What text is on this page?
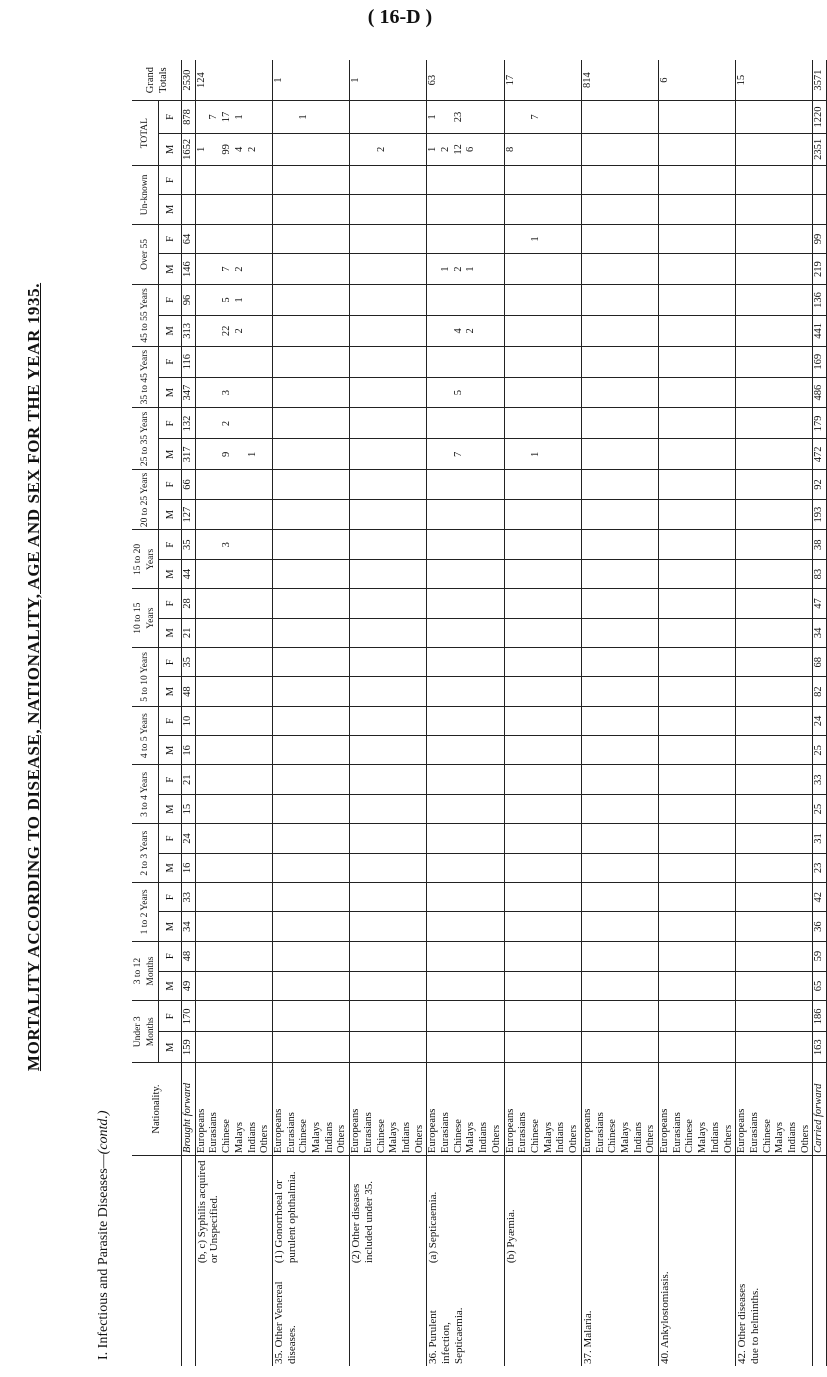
( 16-D )
MORTALITY ACCORDING TO DISEASE, NATIONALITY, AGE AND SEX FOR THE YEAR 1935.
I. Infectious and Parasite Diseases—(contd.)
		Nationality.	Under 3 Months		3 to 12 Months		1 to 2 Years		2 to 3 Years		3 to 4 Years		4 to 5 Years		5 to 10 Years		10 to 15 Years		15 to 20 Years		20 to 25 Years		25 to 35 Years		35 to 45 Years		45 to 55 Years		Over 55		Un-known		TOTAL		Grand Totals
			M	F	M	F	M	F	M	F	M	F	M	F	M	F	M	F	M	F	M	F	M	F	M	F	M	F	M	F	M	F	M	F	
		Brought forward	159	170	49	48	34	33	16	24	15	21	16	10	48	35	21	28	44	35	127	66	317	132	347	116	313	96	146	64			1652	878	2530
	(b, c) Syphilis acquired or Unspecified.	Europeans																															1		124
		Eurasians																																7	
		Chinese																		3			9	2	3		22	5	7				99	17	
		Malays																									2	1	2				4	1	
		Indians																					1										2		
		Others																																	
35. Other Venereal diseases.	(1) Gonorrhoeal or purulent ophthalmia.	Europeans																																	1
		Eurasians																																	
		Chinese																																1	
		Malays																																	
		Indians																																	
		Others																																	
	(2) Other diseases included under 35.	Europeans																																	1
		Eurasians																																	
		Chinese																															2		
		Malays																																	
		Indians																																	
		Others																																	
36. Purulent infection, Septicaemia.	(a) Septicaemia.	Europeans																															1	1	63
		Eurasians																											1				2		
		Chinese																					7		5		4		2				12	23	
		Malays																									2		1				6		
		Indians																																	
		Others																																	
	(b) Pyæmia.	Europeans																															8		17
		Eurasians																																	
		Chinese																					1							1				7	
		Malays																																	
		Indians																																	
		Others																																	
37. Malaria.		Europeans																																	814
		Eurasians																																	
		Chinese																																	
		Malays																																	
		Indians																																	
		Others																																	
40. Ankylostomiasis.		Europeans																																	6
		Eurasians																																	
		Chinese																																	
		Malays																																	
		Indians																																	
		Others																																	
42. Other diseases due to helminths.		Europeans																																	15
		Eurasians																																	
		Chinese																																	
		Malays																																	
		Indians																																	
		Others																																	
		Carried forward	163	186	65	59	36	42	23	31	25	33	25	24	82	68	34	47	83	38	193	92	472	179	486	169	441	136	219	99			2351	1220	3571
